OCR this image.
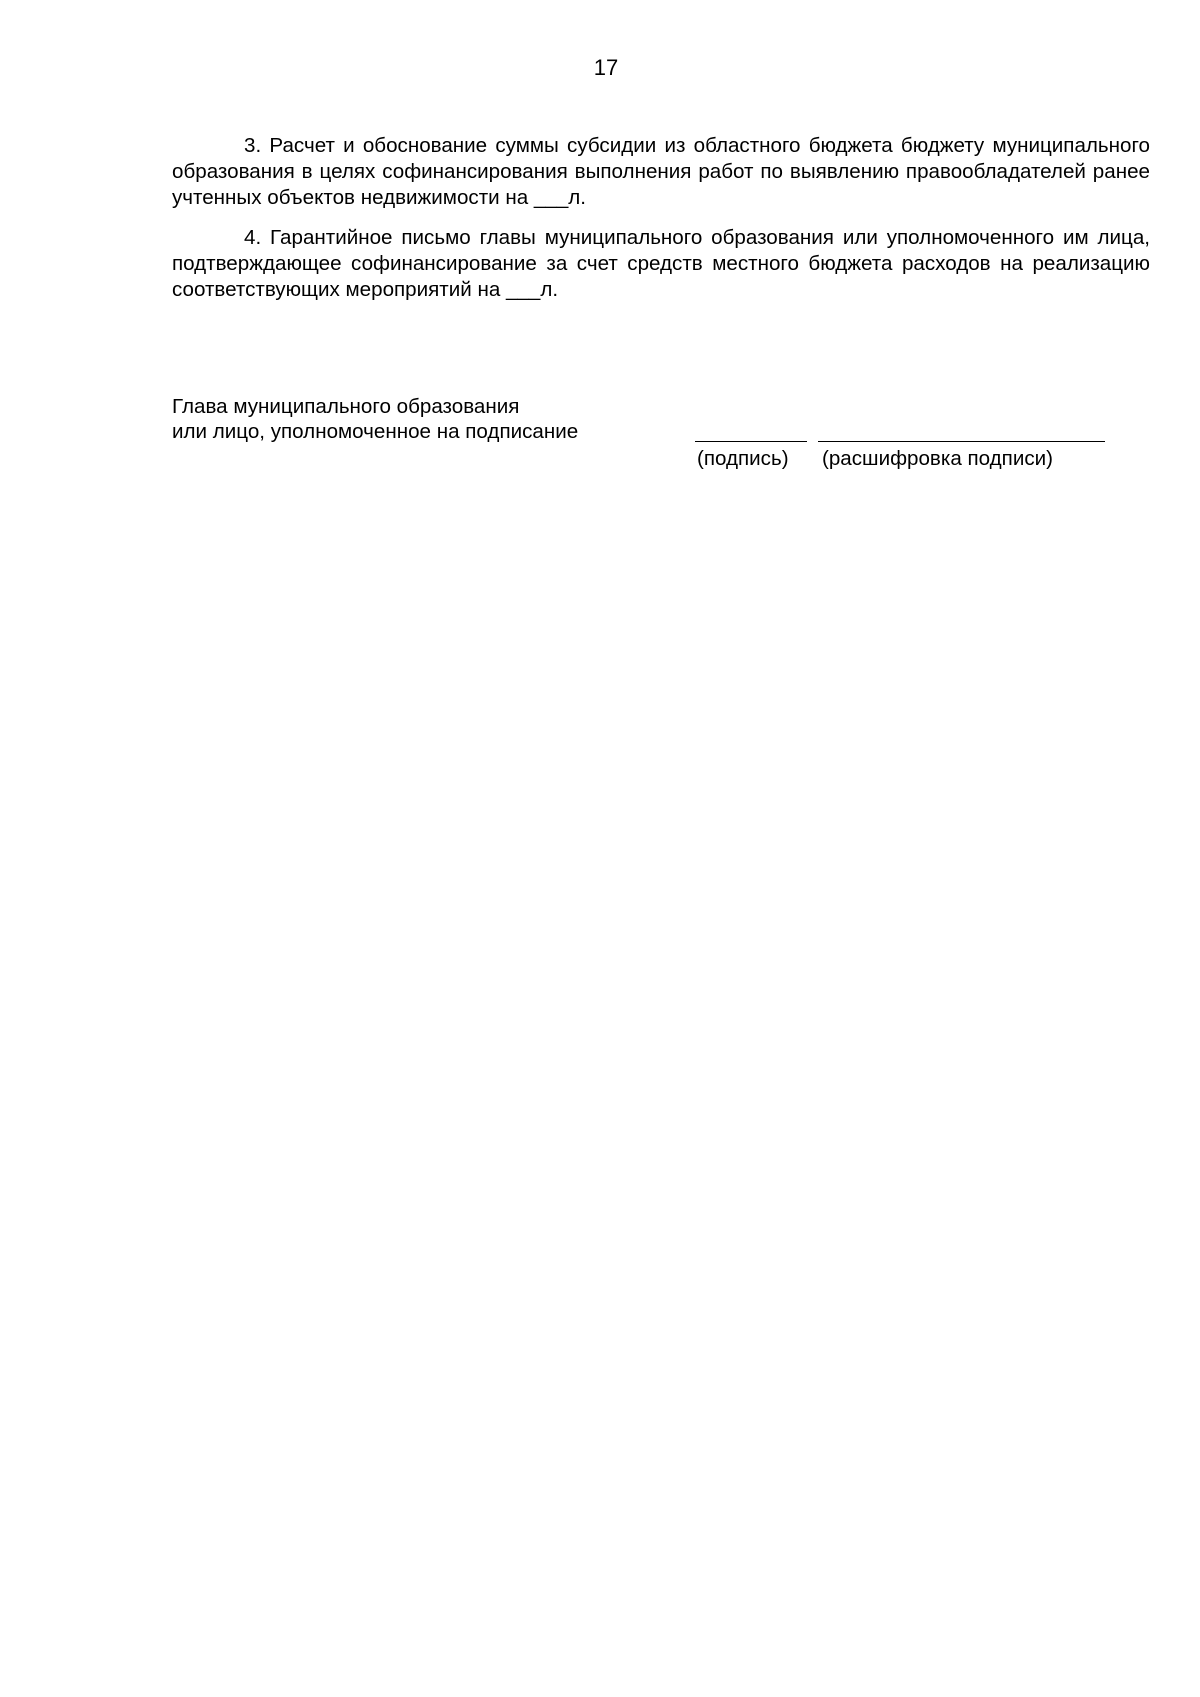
17

3. Расчет и обоснование суммы субсидии из областного бюджета бюджету муниципального образования в целях софинансирования выполнения работ по выявлению правообладателей ранее учтенных объектов недвижимости на ___л.

4. Гарантийное письмо главы муниципального образования или уполномоченного им лица, подтверждающее софинансирование за счет средств местного бюджета расходов на реализацию соответствующих мероприятий на ___л.

Глава муниципального образования
или лицо, уполномоченное на подписание
(подпись) (расшифровка подписи)
